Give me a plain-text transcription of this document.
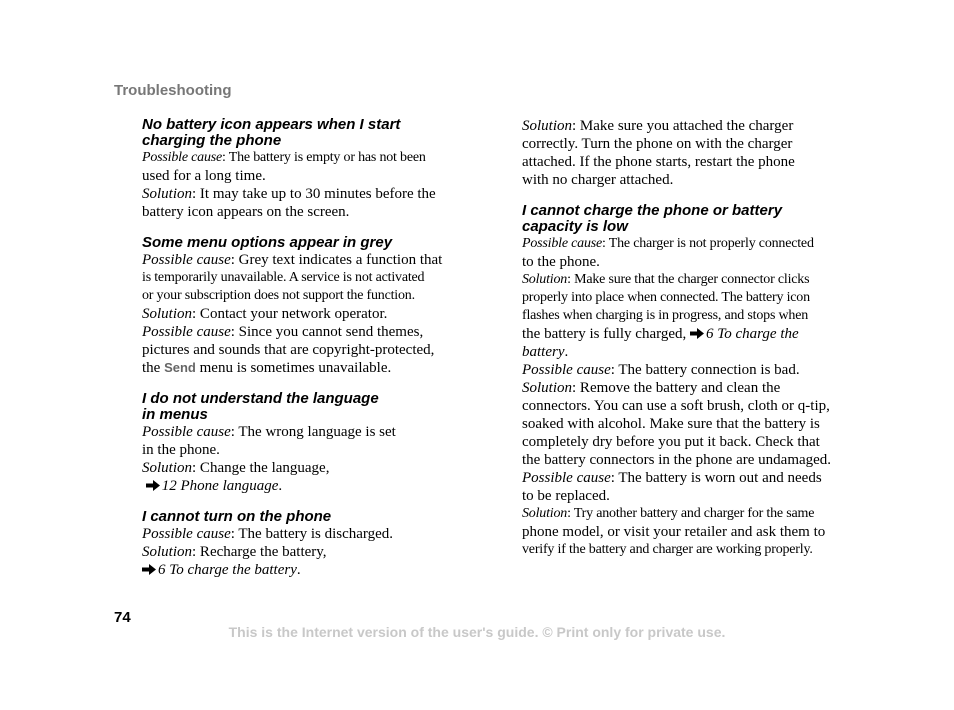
Troubleshooting

No battery icon appears when I start
charging the phone

Possible cause: The battery is empty or has not been

used for a long time.

Solution: It may take up to 30 minutes before the

battery icon appears on the screen.

Some menu options appear in grey

Possible cause: Grey text indicates a function that

is temporarily unavailable. A service is not activated

or your subscription does not support the function.

Solution: Contact your network operator.

Possible cause: Since you cannot send themes,

pictures and sounds that are copyright-protected,

the Send menu is sometimes unavailable.

I do not understand the language
in menus

Possible cause: The wrong language is set

in the phone.

Solution: Change the language,

12 Phone language.

I cannot turn on the phone

Possible cause: The battery is discharged.

Solution: Recharge the battery,

6 To charge the battery.

Solution: Make sure you attached the charger

correctly. Turn the phone on with the charger

attached. If the phone starts, restart the phone

with no charger attached.

I cannot charge the phone or battery
capacity is low

Possible cause: The charger is not properly connected

to the phone.

Solution: Make sure that the charger connector clicks

properly into place when connected. The battery icon

flashes when charging is in progress, and stops when

the battery is fully charged, 6 To charge the

battery.

Possible cause: The battery connection is bad.

Solution: Remove the battery and clean the

connectors. You can use a soft brush, cloth or q-tip,

soaked with alcohol. Make sure that the battery is

completely dry before you put it back. Check that

the battery connectors in the phone are undamaged.

Possible cause: The battery is worn out and needs

to be replaced.

Solution: Try another battery and charger for the same

phone model, or visit your retailer and ask them to

verify if the battery and charger are working properly.

74
This is the Internet version of the user's guide. © Print only for private use.
